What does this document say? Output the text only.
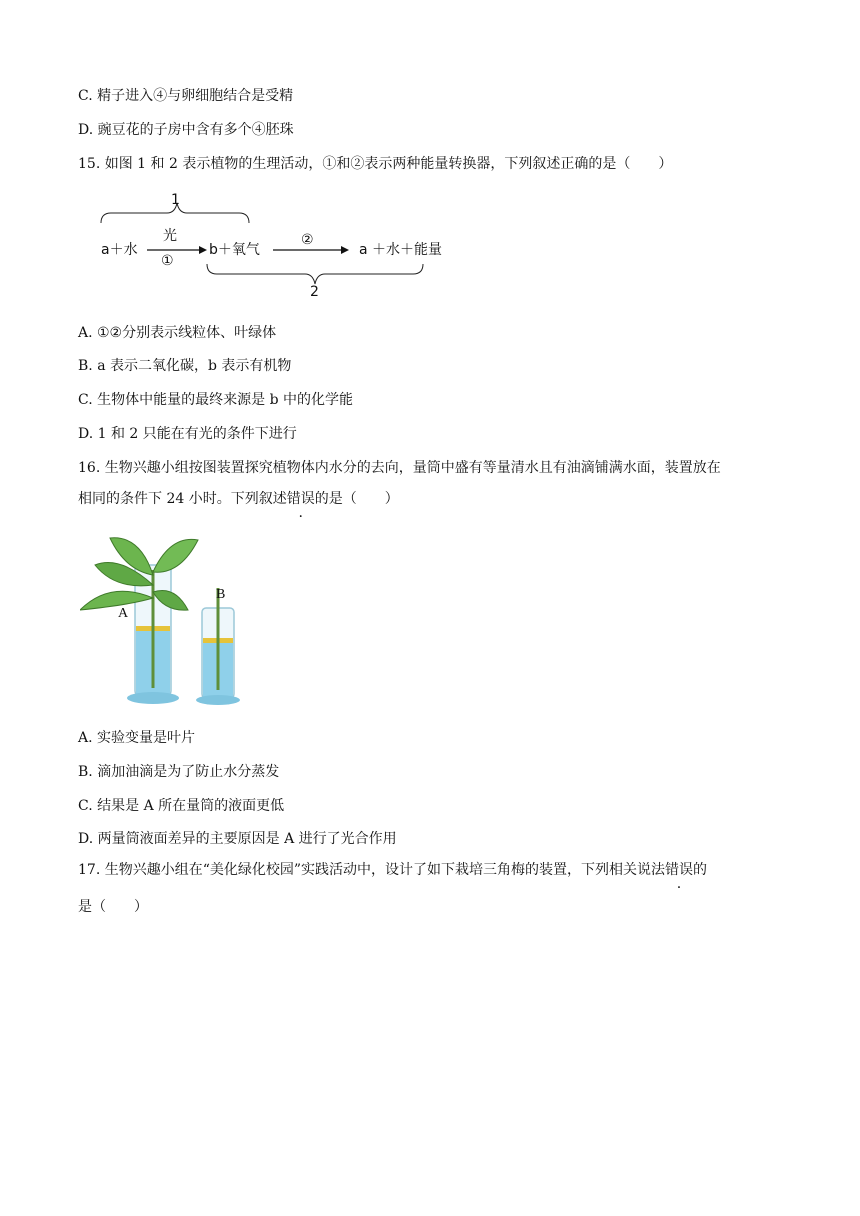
C. 精子进入④与卵细胞结合是受精
D. 豌豆花的子房中含有多个④胚珠
15. 如图 1 和 2 表示植物的生理活动，①和②表示两种能量转换器，下列叙述正确的是（　　）
1
2
a＋水
光
①
b＋氧气
②
a ＋水＋能量
A. ①②分别表示线粒体、叶绿体
B. a 表示二氧化碳，b 表示有机物
C. 生物体中能量的最终来源是 b 中的化学能
D. 1 和 2 只能在有光的条件下进行
16. 生物兴趣小组按图装置探究植物体内水分的去向，量筒中盛有等量清水且有油滴铺满水面，装置放在
相同的条件下 24 小时。下列叙述错误的是（　　）
A
B
A. 实验变量是叶片
B. 滴加油滴是为了防止水分蒸发
C. 结果是 A 所在量筒的液面更低
D. 两量筒液面差异的主要原因是 A 进行了光合作用
17. 生物兴趣小组在“美化绿化校园”实践活动中，设计了如下栽培三角梅的装置，下列相关说法错误的
是（　　）
